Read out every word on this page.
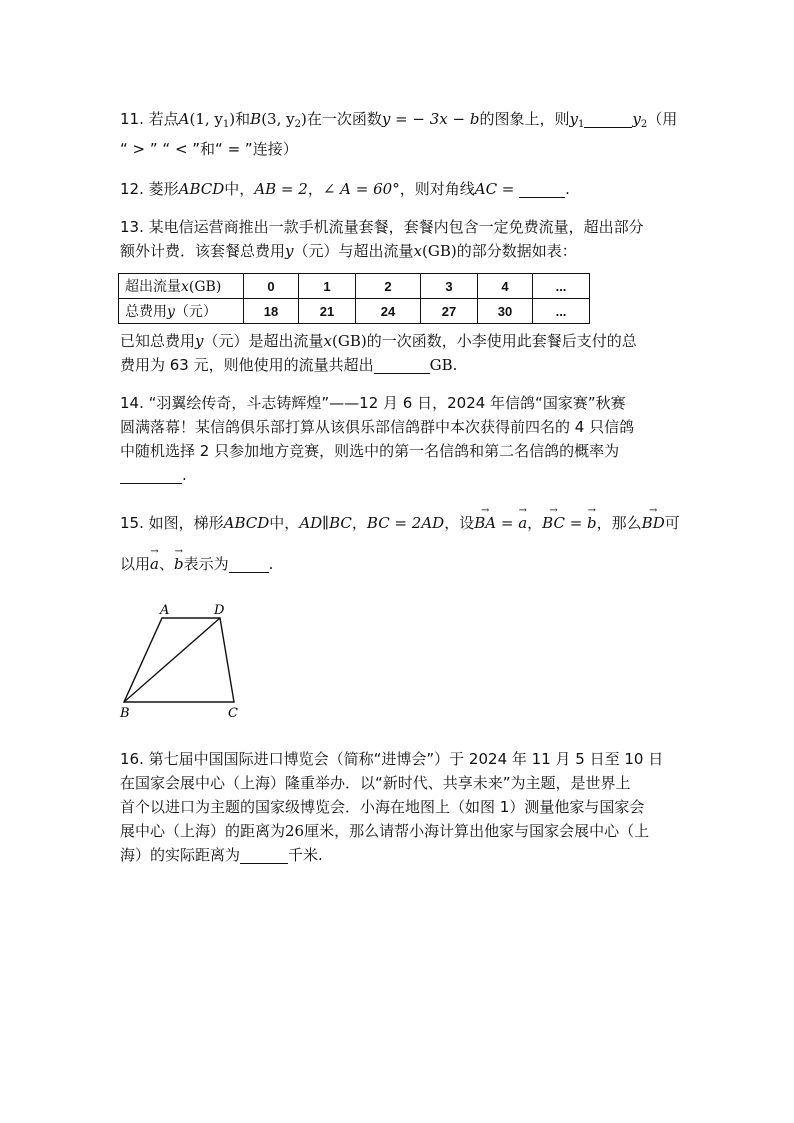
11. 若点A(1, $y_1$)和B(3, $y_2$)在一次函数y = − 3x − b的图象上，则$y_1$	$y_2$（用
“ > ” “ < ”和“ = ”连接）
12. 菱形ABCD中，AB = 2，∠ A = 60°，则对角线AC =	.
13. 某电信运营商推出一款手机流量套餐，套餐内包含一定免费流量，超出部分
额外计费．该套餐总费用y（元）与超出流量x(GB)的部分数据如表：
超出流量x(GB)	0	1	2	3	4	...
总费用y（元）	18	21	24	27	30	...
已知总费用y（元）是超出流量x(GB)的一次函数，小李使用此套餐后支付的总
费用为 63 元，则他使用的流量共超出	GB.
14. “羽翼绘传奇，斗志铸辉煌”——12 月 6 日，2024 年信鸽“国家赛”秋赛
圆满落幕！某信鸽俱乐部打算从该俱乐部信鸽群中本次获得前四名的 4 只信鸽
中随机选择 2 只参加地方竞赛，则选中的第一名信鸽和第二名信鸽的概率为
.
15. 如图，梯形ABCD中，AD∥BC，BC = 2AD，设→ BA = → a，→ BC = → b，那么→ BD可
以用→ a、→ b表示为	.
A	D
B	C
16. 第七届中国国际进口博览会（简称“进博会”）于 2024 年 11 月 5 日至 10 日
在国家会展中心（上海）隆重举办．以“新时代、共享未来”为主题，是世界上
首个以进口为主题的国家级博览会．小海在地图上（如图 1）测量他家与国家会
展中心（上海）的距离为26厘米，那么请帮小海计算出他家与国家会展中心（上
海）的实际距离为	千米.
